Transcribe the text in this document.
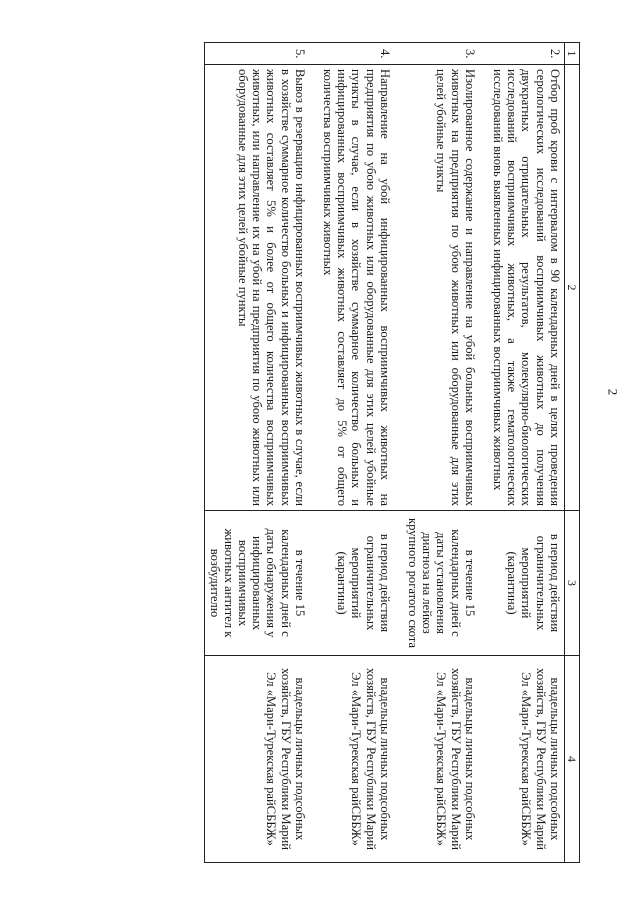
2
1	2	3	4
2.	Отбор проб крови с интервалом в 90 календарных дней в целях проведения серологических исследований восприимчивых животных до получения двукратных отрицательных результатов, молекулярно-биологических исследований восприимчивых животных, а также гематологических исследований вновь выявленных инфицированных восприимчивых животных	в период действия ограничительных мероприятий (карантина)	владельцы личных подсобных хозяйств, ГБУ Республики Марий Эл «Мари-Турекская райСББЖ»
3.	Изолированное содержание и направление на убой больных восприимчивых животных на предприятия по убою животных или оборудованные для этих целей убойные пункты	в течение 15 календарных дней с даты установления диагноза на лейкоз крупного рогатого скота	владельцы личных подсобных хозяйств, ГБУ Республики Марий Эл «Мари-Турекская райСББЖ»
4.	Направление на убой инфицированных восприимчивых животных на предприятия по убою животных или оборудованные для этих целей убойные пункты в случае, если в хозяйстве суммарное количество больных и инфицированных восприимчивых животных составляет до 5% от общего количества восприимчивых животных	в период действия ограничительных мероприятий (карантина)	владельцы личных подсобных хозяйств, ГБУ Республики Марий Эл «Мари-Турекская райСББЖ»
5.	Вывоз в резервацию инфицированных восприимчивых животных в случае, если в хозяйстве суммарное количество больных и инфицированных восприимчивых животных составляет 5% и более от общего количества восприимчивых животных, или направление их на убой на предприятия по убою животных или оборудованные для этих целей убойные пункты	в течение 15 календарных дней с даты обнаружения у инфицированных восприимчивых животных антител к возбудителю	владельцы личных подсобных хозяйств, ГБУ Республики Марий Эл «Мари-Турекская райСББЖ»
